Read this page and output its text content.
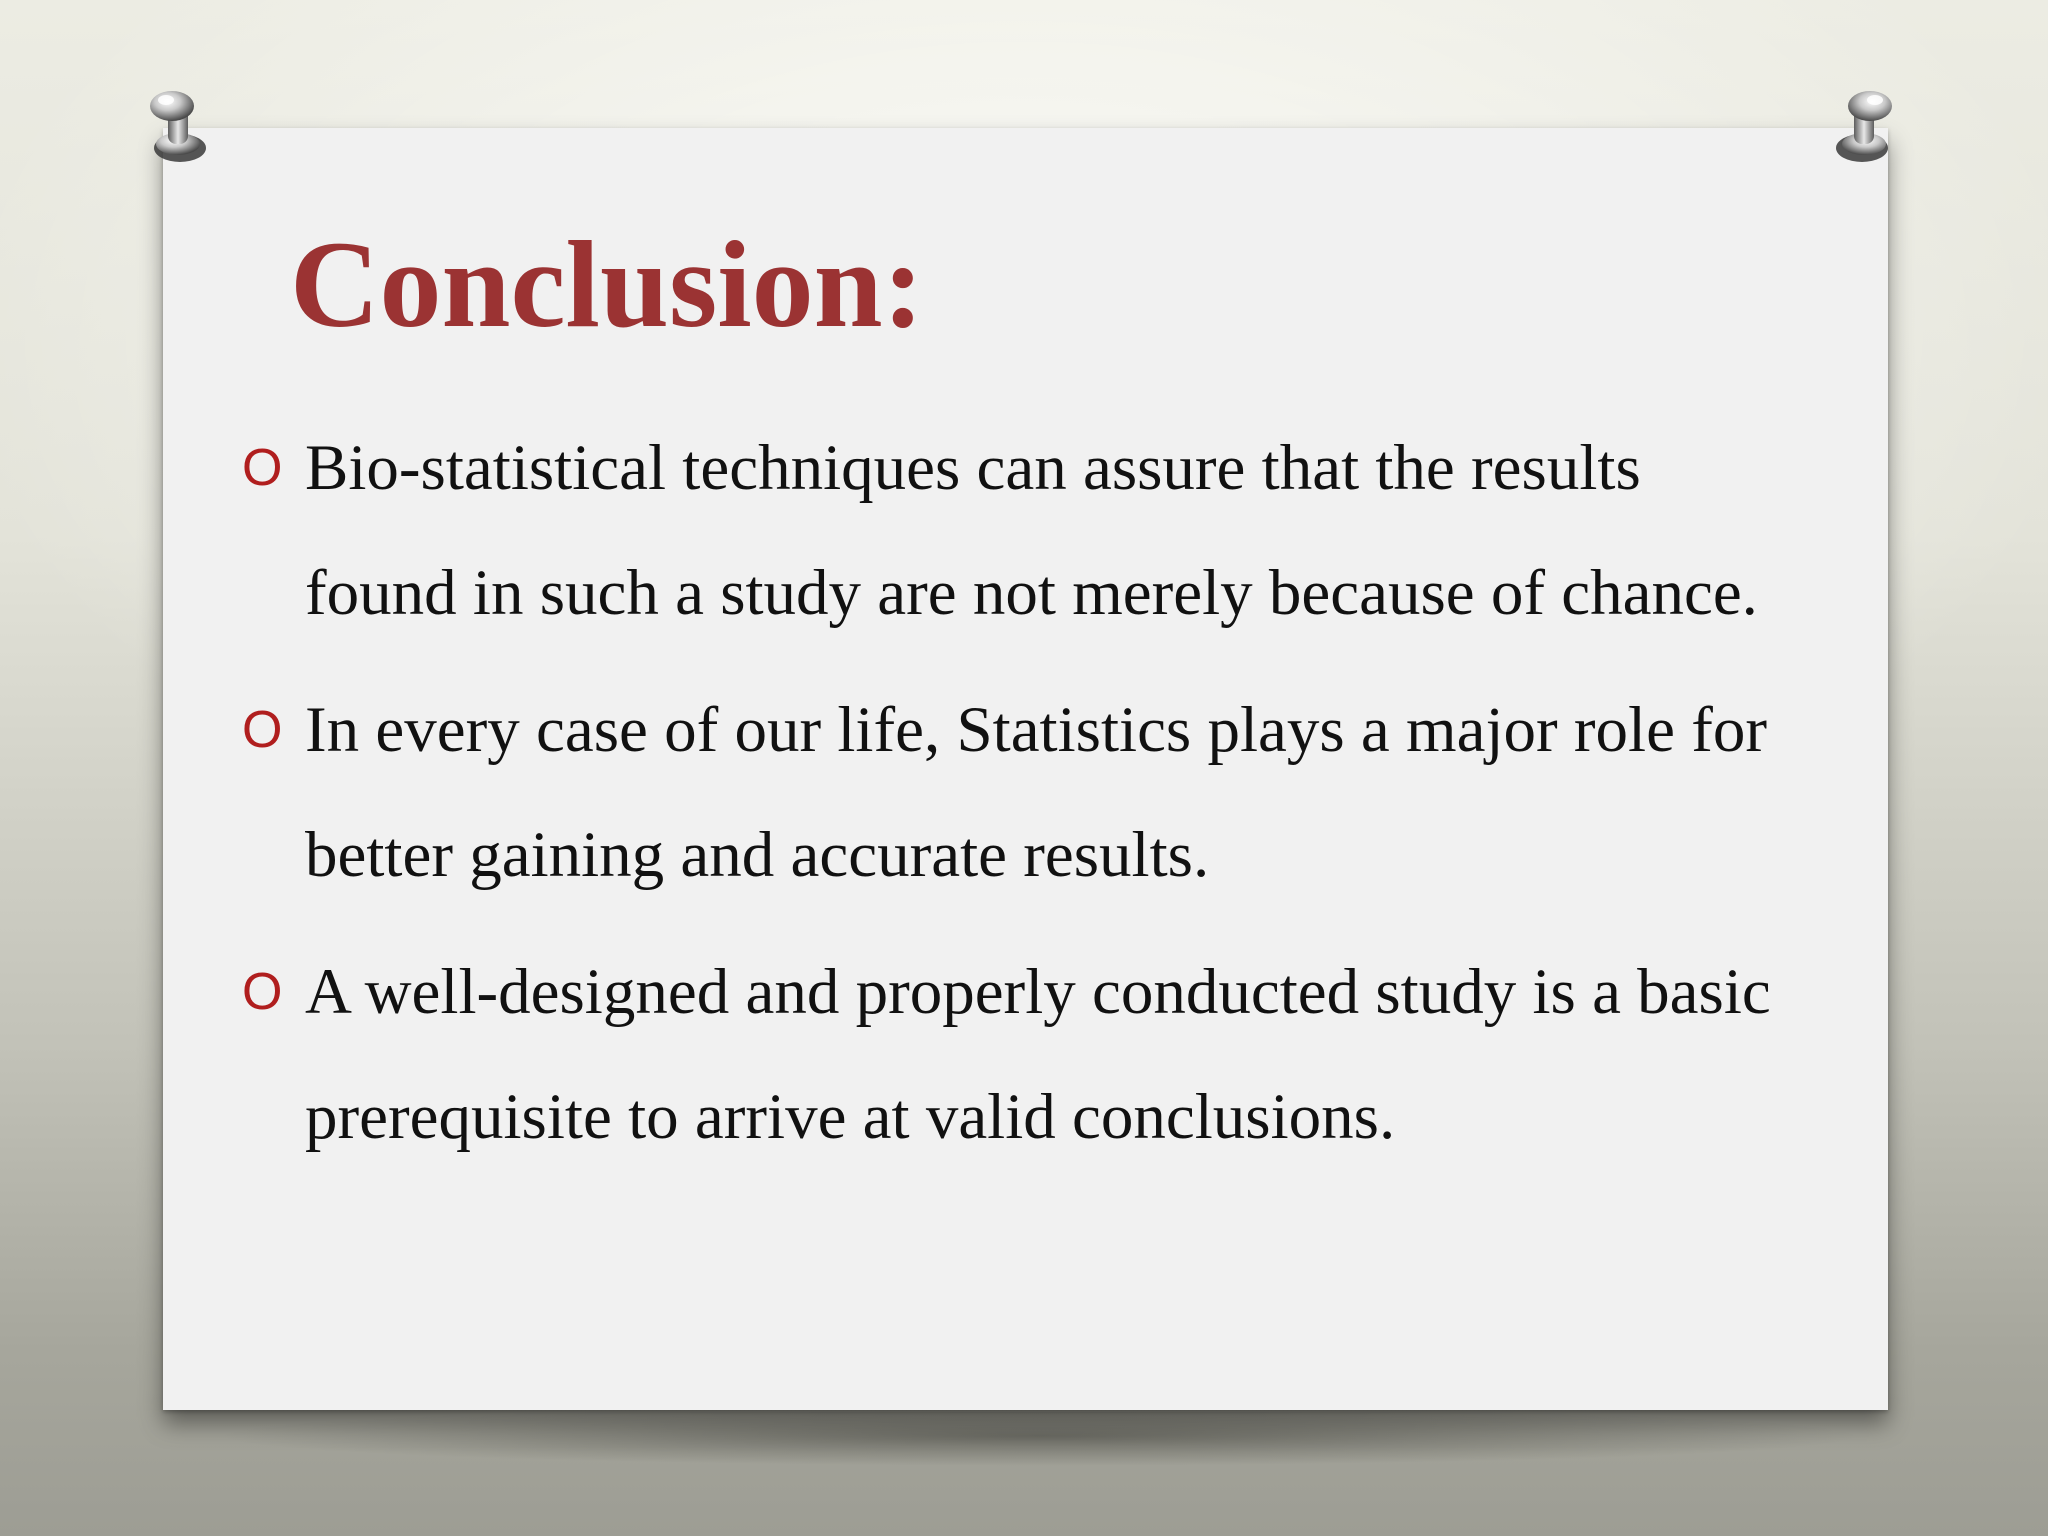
Conclusion:
O Bio-statistical techniques can assure that the results found in such a study are not merely because of chance.
O In every case of our life, Statistics plays a major role for better gaining and accurate results.
O A well-designed and properly conducted study is a basic prerequisite to arrive at valid conclusions.
